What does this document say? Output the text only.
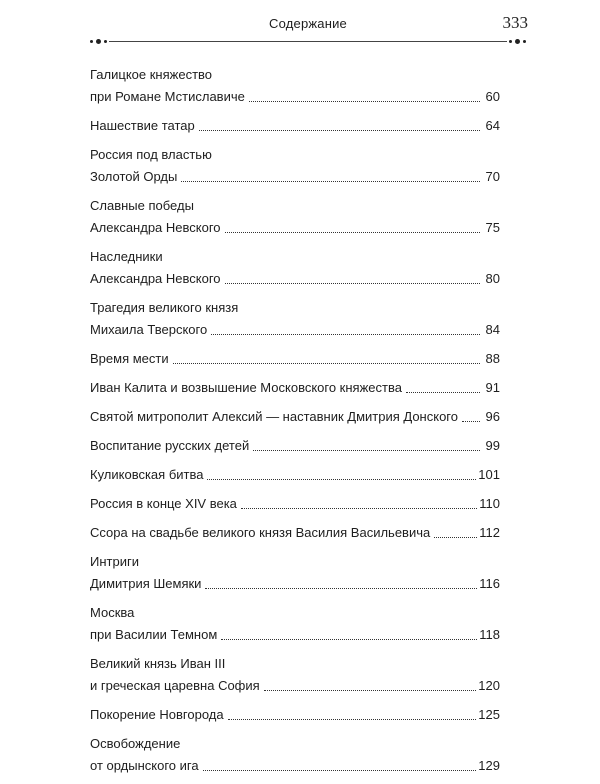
Содержание	333
Галицкое княжество
при Романе Мстиславиче	60
Нашествие татар	64
Россия под властью
Золотой Орды	70
Славные победы
Александра Невского	75
Наследники
Александра Невского	80
Трагедия великого князя
Михаила Тверского	84
Время мести	88
Иван Калита и возвышение Московского княжества	91
Святой митрополит Алексий — наставник Дмитрия Донского 96
Воспитание русских детей	99
Куликовская битва	101
Россия в конце XIV века	110
Ссора на свадьбе великого князя Василия Васильевича	112
Интриги
Димитрия Шемяки	116
Москва
при Василии Темном	118
Великий князь Иван III
и греческая царевна София	120
Покорение Новгорода	125
Освобождение
от ордынского ига	129
